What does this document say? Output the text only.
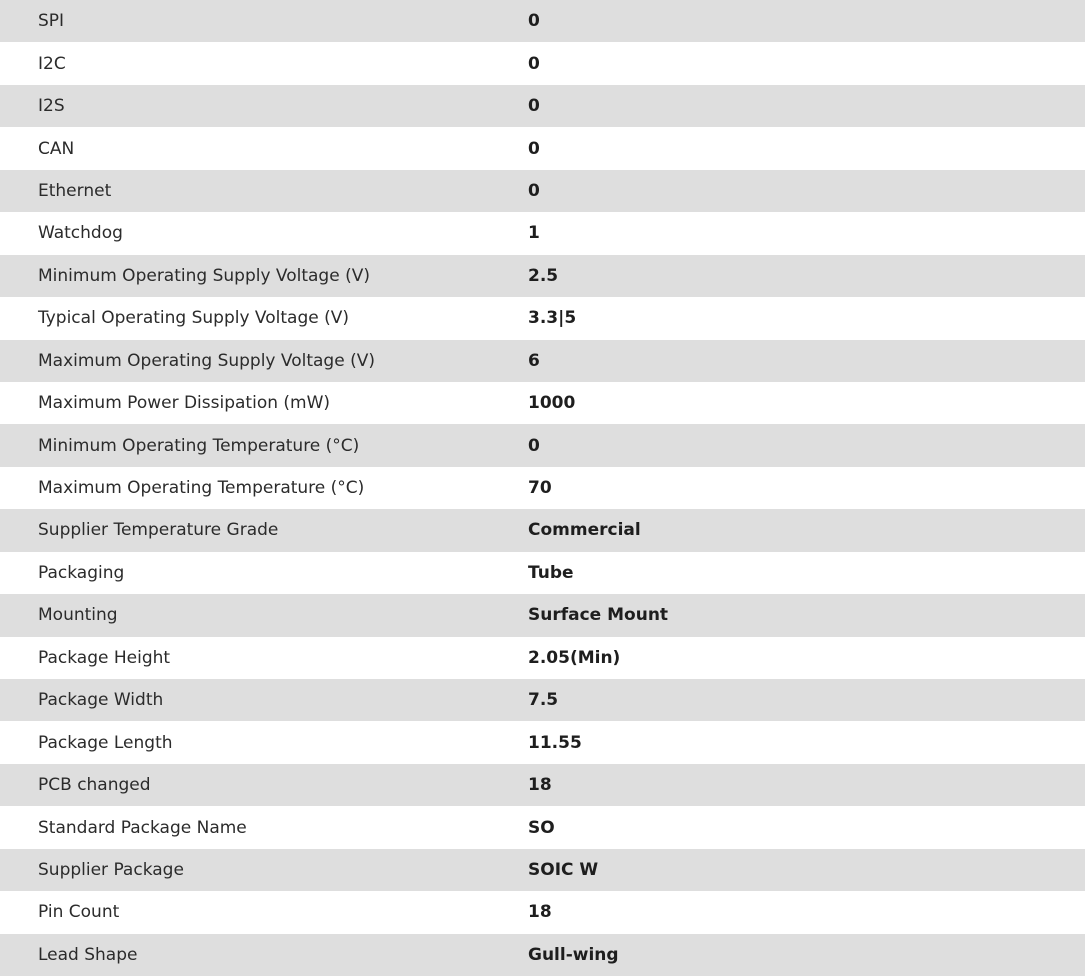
SPI	0
I2C	0
I2S	0
CAN	0
Ethernet	0
Watchdog	1
Minimum Operating Supply Voltage (V)	2.5
Typical Operating Supply Voltage (V)	3.3|5
Maximum Operating Supply Voltage (V)	6
Maximum Power Dissipation (mW)	1000
Minimum Operating Temperature (°C)	0
Maximum Operating Temperature (°C)	70
Supplier Temperature Grade	Commercial
Packaging	Tube
Mounting	Surface Mount
Package Height	2.05(Min)
Package Width	7.5
Package Length	11.55
PCB changed	18
Standard Package Name	SO
Supplier Package	SOIC W
Pin Count	18
Lead Shape	Gull-wing
